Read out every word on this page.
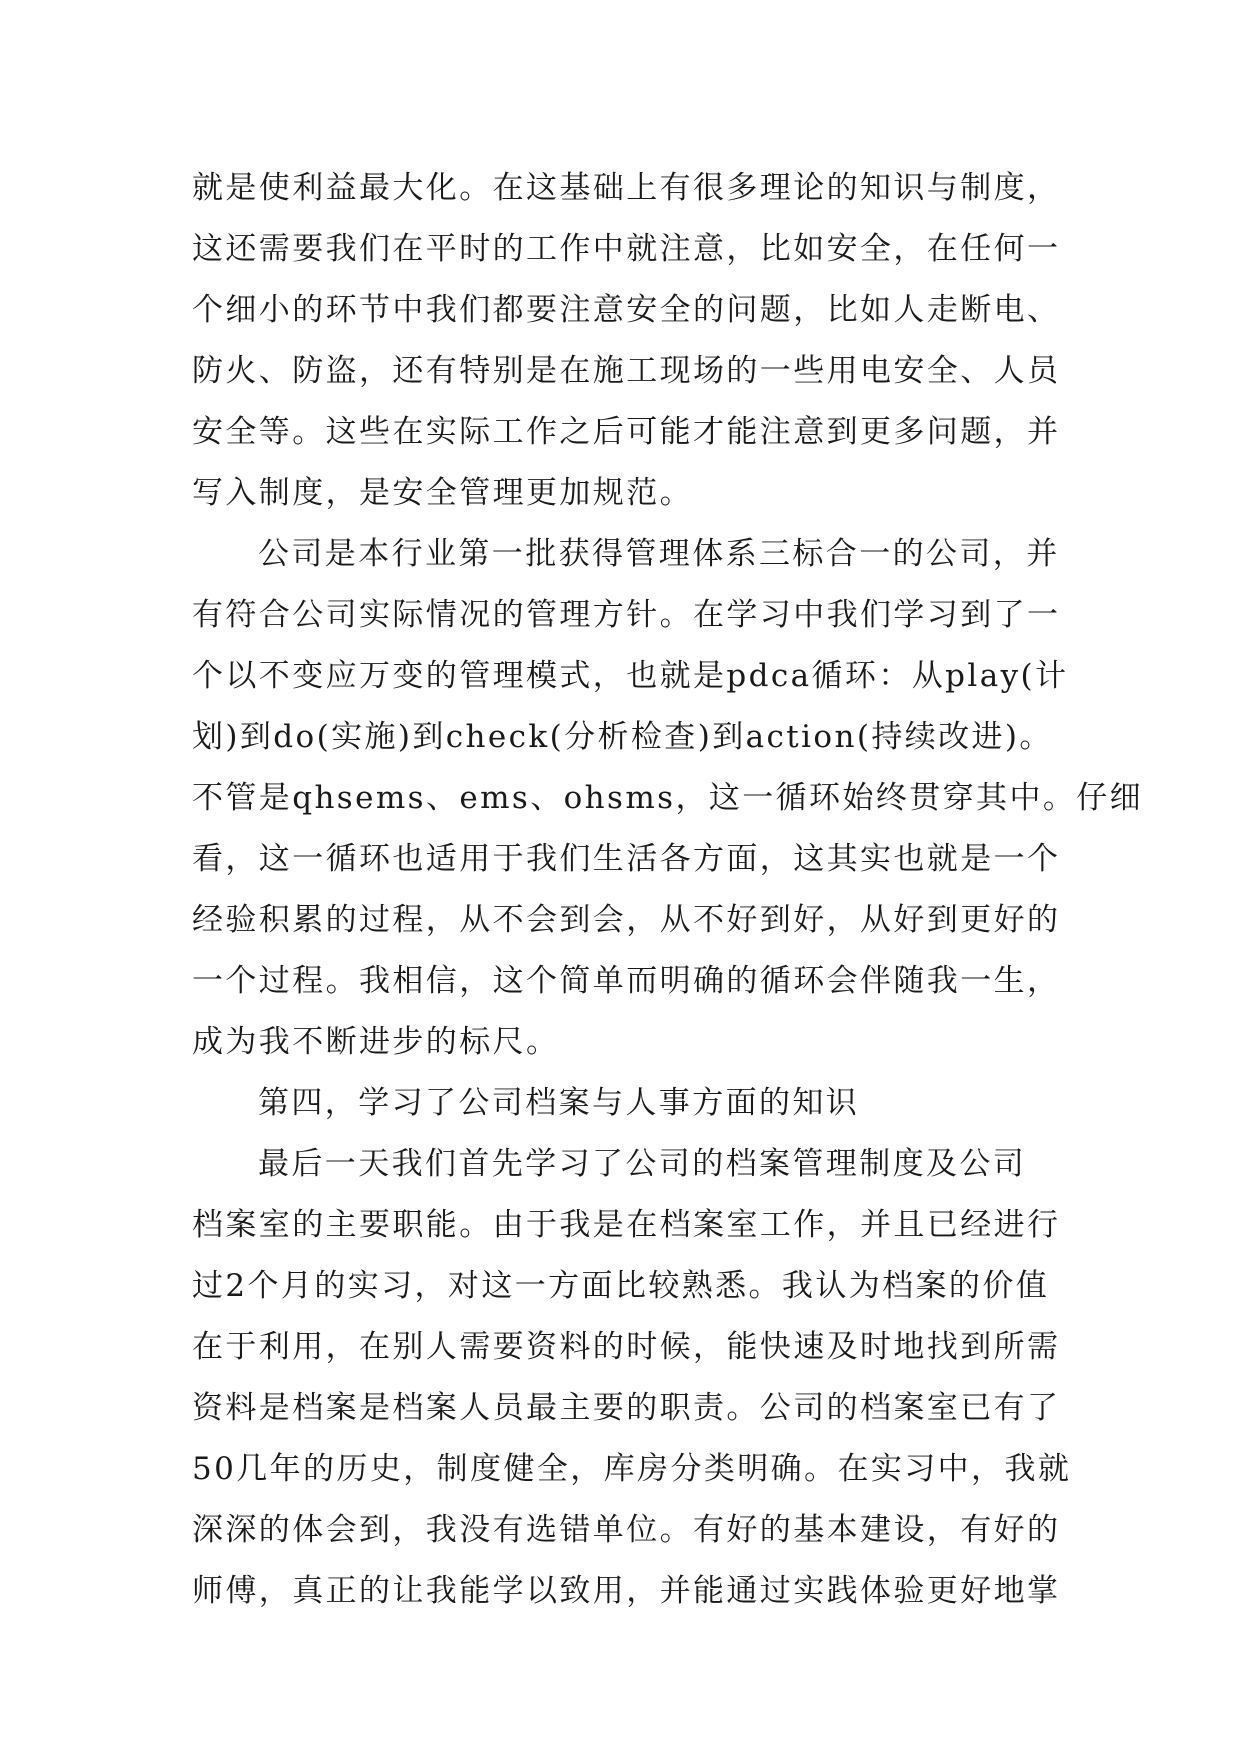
就是使利益最大化。在这基础上有很多理论的知识与制度，
这还需要我们在平时的工作中就注意，比如安全，在任何一
个细小的环节中我们都要注意安全的问题，比如人走断电、
防火、防盗，还有特别是在施工现场的一些用电安全、人员
安全等。这些在实际工作之后可能才能注意到更多问题，并
写入制度，是安全管理更加规范。
公司是本行业第一批获得管理体系三标合一的公司，并
有符合公司实际情况的管理方针。在学习中我们学习到了一
个以不变应万变的管理模式，也就是pdca循环：从play(计
划)到do(实施)到check(分析检查)到action(持续改进)。
不管是qhsems、ems、ohsms，这一循环始终贯穿其中。仔细
看，这一循环也适用于我们生活各方面，这其实也就是一个
经验积累的过程，从不会到会，从不好到好，从好到更好的
一个过程。我相信，这个简单而明确的循环会伴随我一生，
成为我不断进步的标尺。
第四，学习了公司档案与人事方面的知识
最后一天我们首先学习了公司的档案管理制度及公司
档案室的主要职能。由于我是在档案室工作，并且已经进行
过2个月的实习，对这一方面比较熟悉。我认为档案的价值
在于利用，在别人需要资料的时候，能快速及时地找到所需
资料是档案是档案人员最主要的职责。公司的档案室已有了
50几年的历史，制度健全，库房分类明确。在实习中，我就
深深的体会到，我没有选错单位。有好的基本建设，有好的
师傅，真正的让我能学以致用，并能通过实践体验更好地掌
